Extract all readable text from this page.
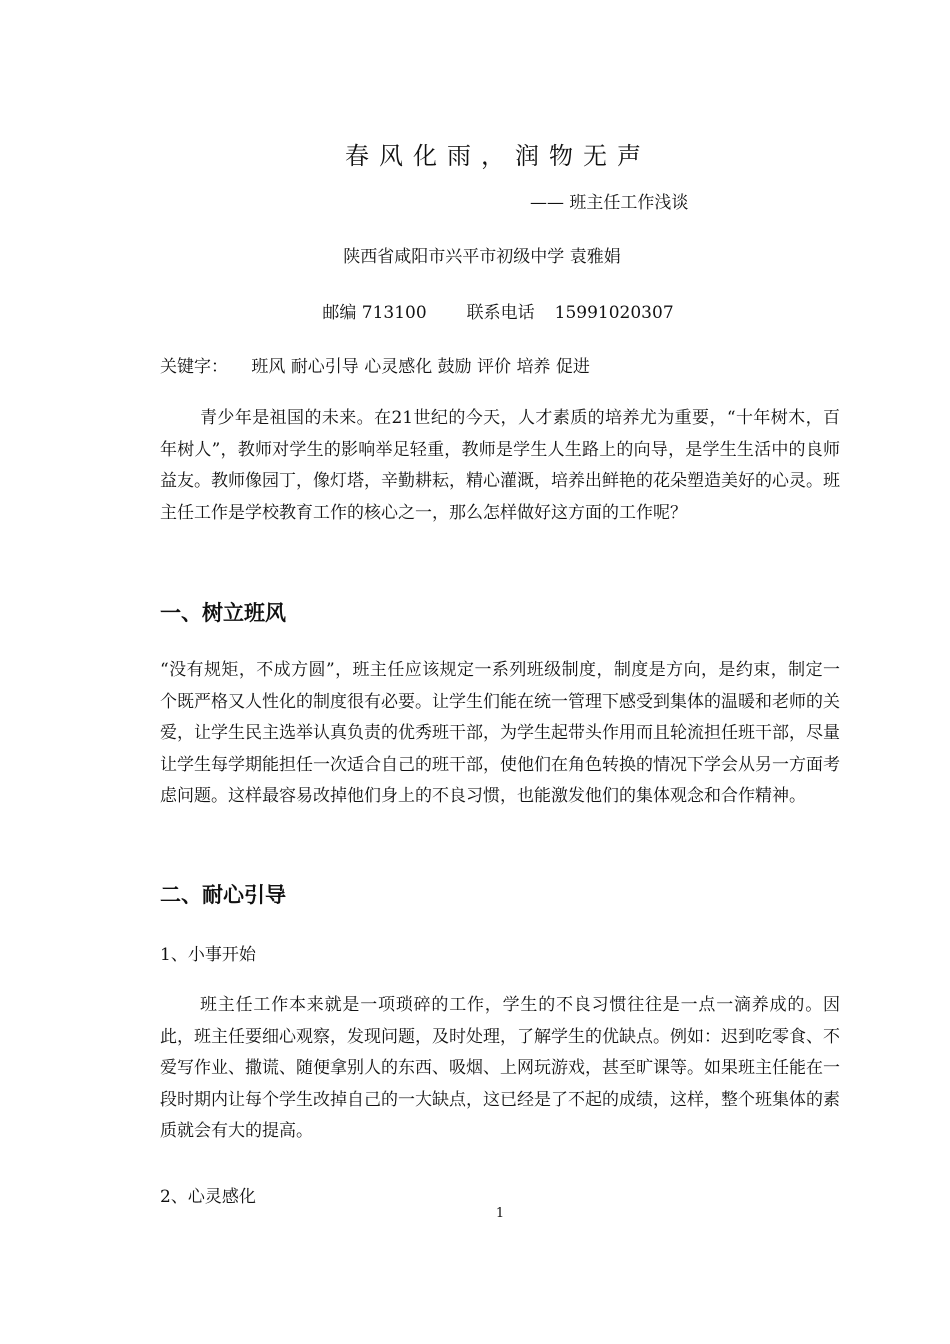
春风化雨，润物无声
—— 班主任工作浅谈
陕西省咸阳市兴平市初级中学 袁雅娟
邮编 713100 联系电话 15991020307
关键字： 班风 耐心引导 心灵感化 鼓励 评价 培养 促进
青少年是祖国的未来。在21世纪的今天，人才素质的培养尤为重要，“十年树木，百年树人”，教师对学生的影响举足轻重，教师是学生人生路上的向导，是学生生活中的良师益友。教师像园丁，像灯塔，辛勤耕耘，精心灌溉，培养出鲜艳的花朵塑造美好的心灵。班主任工作是学校教育工作的核心之一，那么怎样做好这方面的工作呢？
一、树立班风
“没有规矩，不成方圆”，班主任应该规定一系列班级制度，制度是方向，是约束，制定一个既严格又人性化的制度很有必要。让学生们能在统一管理下感受到集体的温暖和老师的关爱，让学生民主选举认真负责的优秀班干部，为学生起带头作用而且轮流担任班干部，尽量让学生每学期能担任一次适合自己的班干部，使他们在角色转换的情况下学会从另一方面考虑问题。这样最容易改掉他们身上的不良习惯，也能激发他们的集体观念和合作精神。
二、耐心引导
1、小事开始
班主任工作本来就是一项琐碎的工作，学生的不良习惯往往是一点一滴养成的。因此，班主任要细心观察，发现问题，及时处理，了解学生的优缺点。例如：迟到吃零食、不爱写作业、撒谎、随便拿别人的东西、吸烟、上网玩游戏，甚至旷课等。如果班主任能在一段时期内让每个学生改掉自己的一大缺点，这已经是了不起的成绩，这样，整个班集体的素质就会有大的提高。
2、心灵感化
1
